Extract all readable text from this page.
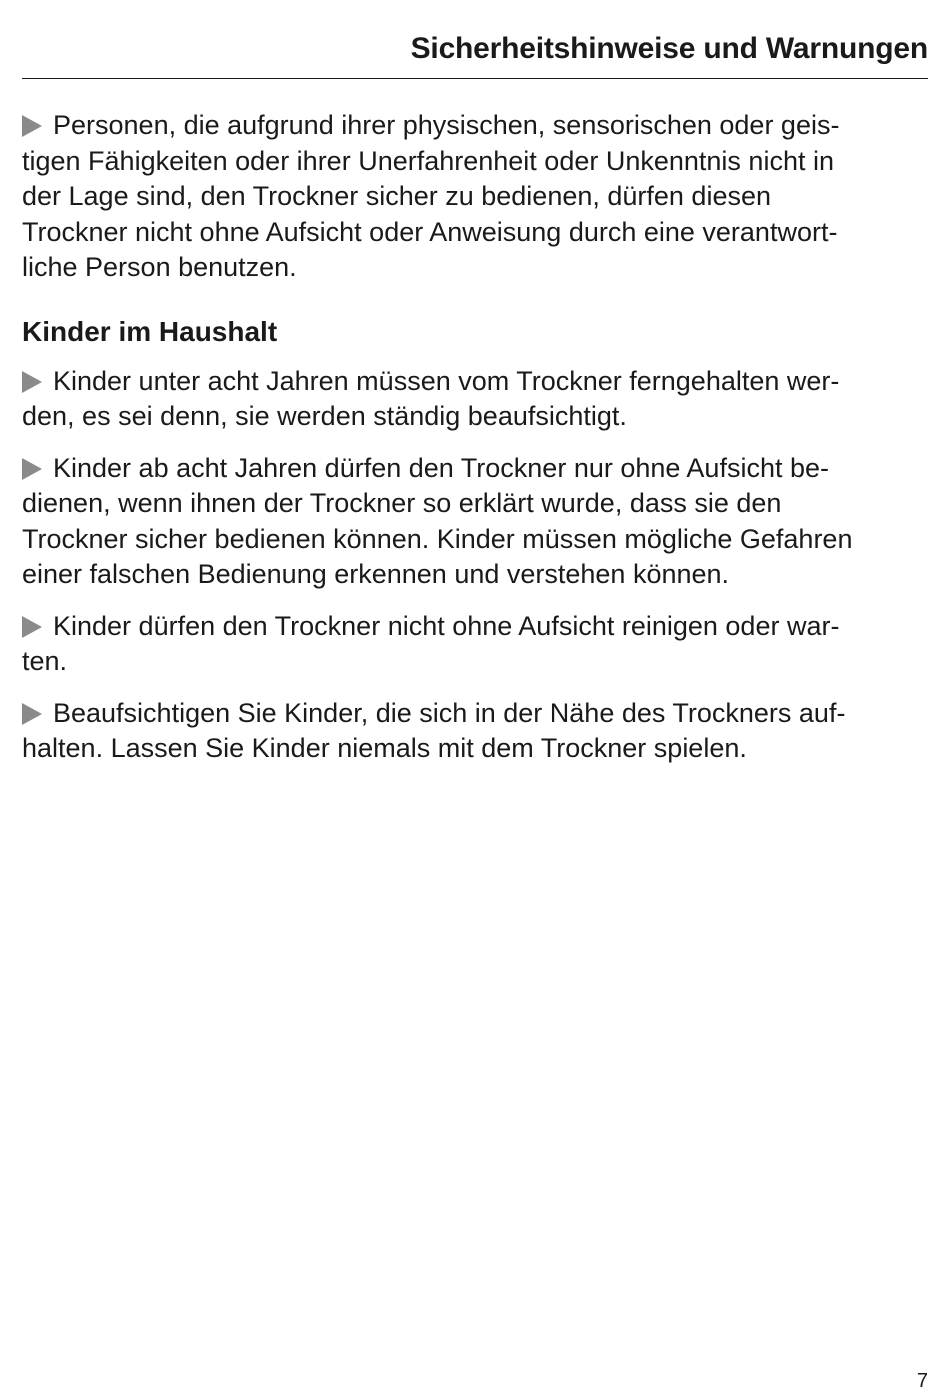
Sicherheitshinweise und Warnungen
Personen, die aufgrund ihrer physischen, sensorischen oder geis-
tigen Fähigkeiten oder ihrer Unerfahrenheit oder Unkenntnis nicht in
der Lage sind, den Trockner sicher zu bedienen, dürfen diesen
Trockner nicht ohne Aufsicht oder Anweisung durch eine verantwort-
liche Person benutzen.
Kinder im Haushalt
Kinder unter acht Jahren müssen vom Trockner ferngehalten wer-
den, es sei denn, sie werden ständig beaufsichtigt.
Kinder ab acht Jahren dürfen den Trockner nur ohne Aufsicht be-
dienen, wenn ihnen der Trockner so erklärt wurde, dass sie den
Trockner sicher bedienen können. Kinder müssen mögliche Gefahren
einer falschen Bedienung erkennen und verstehen können.
Kinder dürfen den Trockner nicht ohne Aufsicht reinigen oder war-
ten.
Beaufsichtigen Sie Kinder, die sich in der Nähe des Trockners auf-
halten. Lassen Sie Kinder niemals mit dem Trockner spielen.
7
